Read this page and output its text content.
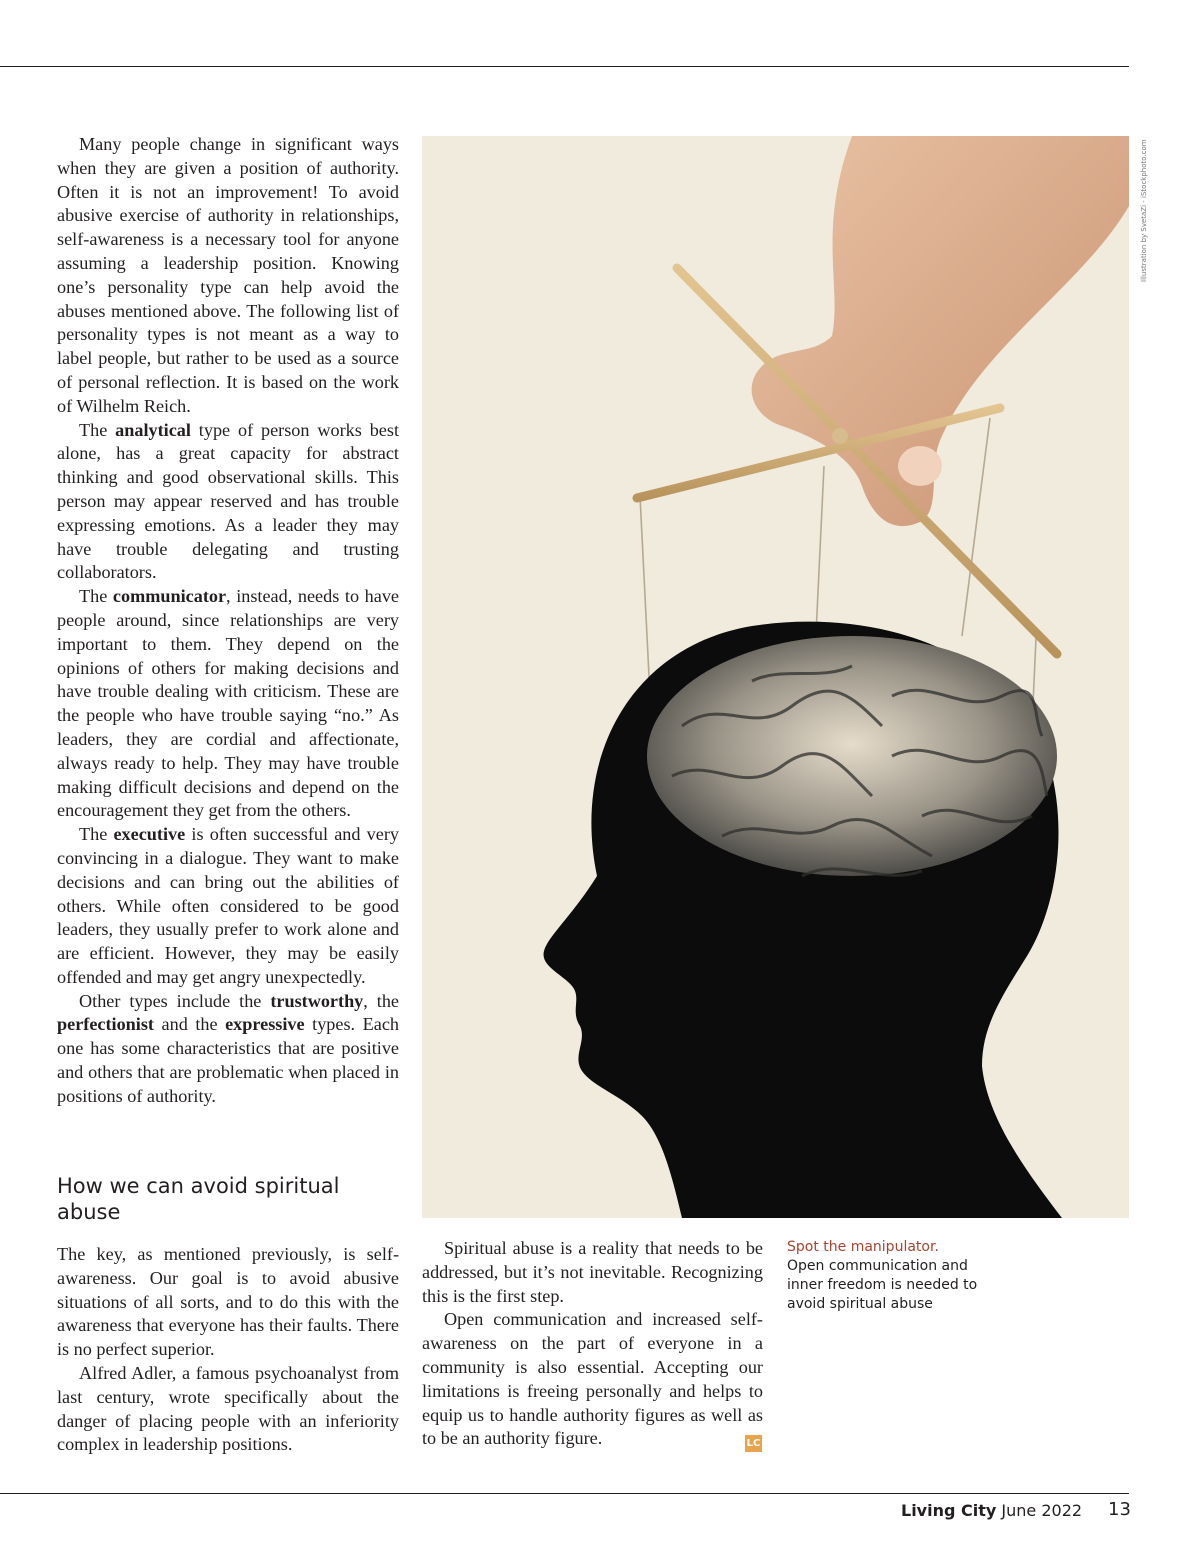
Many people change in significant ways when they are given a position of authority. Often it is not an improvement! To avoid abusive exercise of authority in relationships, self-awareness is a necessary tool for anyone assuming a leadership position. Knowing one’s personality type can help avoid the abuses mentioned above. The following list of personality types is not meant as a way to label people, but rather to be used as a source of personal reflection. It is based on the work of Wilhelm Reich.

The analytical type of person works best alone, has a great capacity for abstract thinking and good observational skills. This person may appear reserved and has trouble expressing emotions. As a leader they may have trouble delegating and trusting collaborators.

The communicator, instead, needs to have people around, since relationships are very important to them. They depend on the opinions of others for making decisions and have trouble dealing with criticism. These are the people who have trouble saying “no.” As leaders, they are cordial and affectionate, always ready to help. They may have trouble making difficult decisions and depend on the encouragement they get from the others.

The executive is often successful and very convincing in a dialogue. They want to make decisions and can bring out the abilities of others. While often considered to be good leaders, they usually prefer to work alone and are efficient. However, they may be easily offended and may get angry unexpectedly.

Other types include the trustworthy, the perfectionist and the expressive types. Each one has some characteristics that are positive and others that are problematic when placed in positions of authority.

How we can avoid spiritual abuse

The key, as mentioned previously, is self-awareness. Our goal is to avoid abusive situations of all sorts, and to do this with the awareness that everyone has their faults. There is no perfect superior.

Alfred Adler, a famous psychoanalyst from last century, wrote specifically about the danger of placing people with an inferiority complex in leadership positions.

Spiritual abuse is a reality that needs to be addressed, but it’s not inevitable. Recognizing this is the first step.

Open communication and increased self-awareness on the part of everyone in a community is also essential. Accepting our limitations is freeing personally and helps to equip us to handle authority figures as well as to be an authority figure.	LC
Illustration by SvetaZi - iStockphoto.com
Spot the manipulator.
Open communication and inner freedom is needed to avoid spiritual abuse
Living City June 2022 13
